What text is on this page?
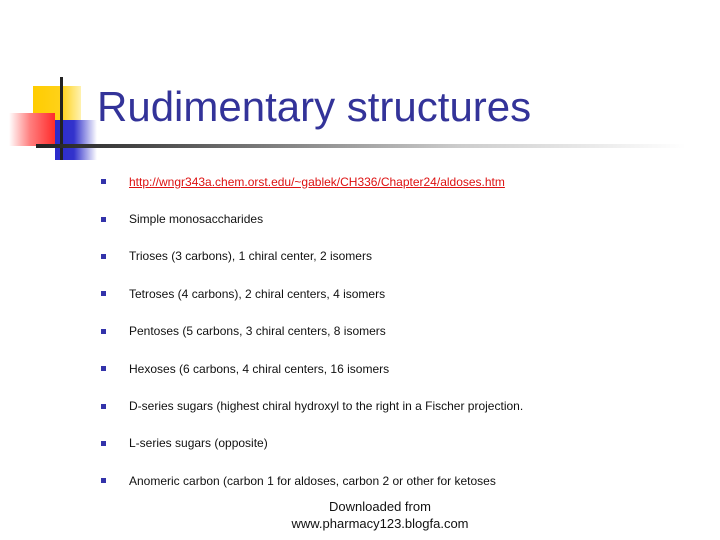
Rudimentary structures
http://wngr343a.chem.orst.edu/~gablek/CH336/Chapter24/aldoses.htm
Simple monosaccharides
Trioses (3 carbons), 1 chiral center, 2 isomers
Tetroses (4 carbons), 2 chiral centers, 4 isomers
Pentoses (5 carbons, 3 chiral centers, 8 isomers
Hexoses (6 carbons, 4 chiral centers, 16 isomers
D-series sugars (highest chiral hydroxyl to the right in a Fischer projection.
L-series sugars (opposite)
Anomeric carbon (carbon 1 for aldoses, carbon 2 or other for ketoses
Downloaded from
www.pharmacy123.blogfa.com
